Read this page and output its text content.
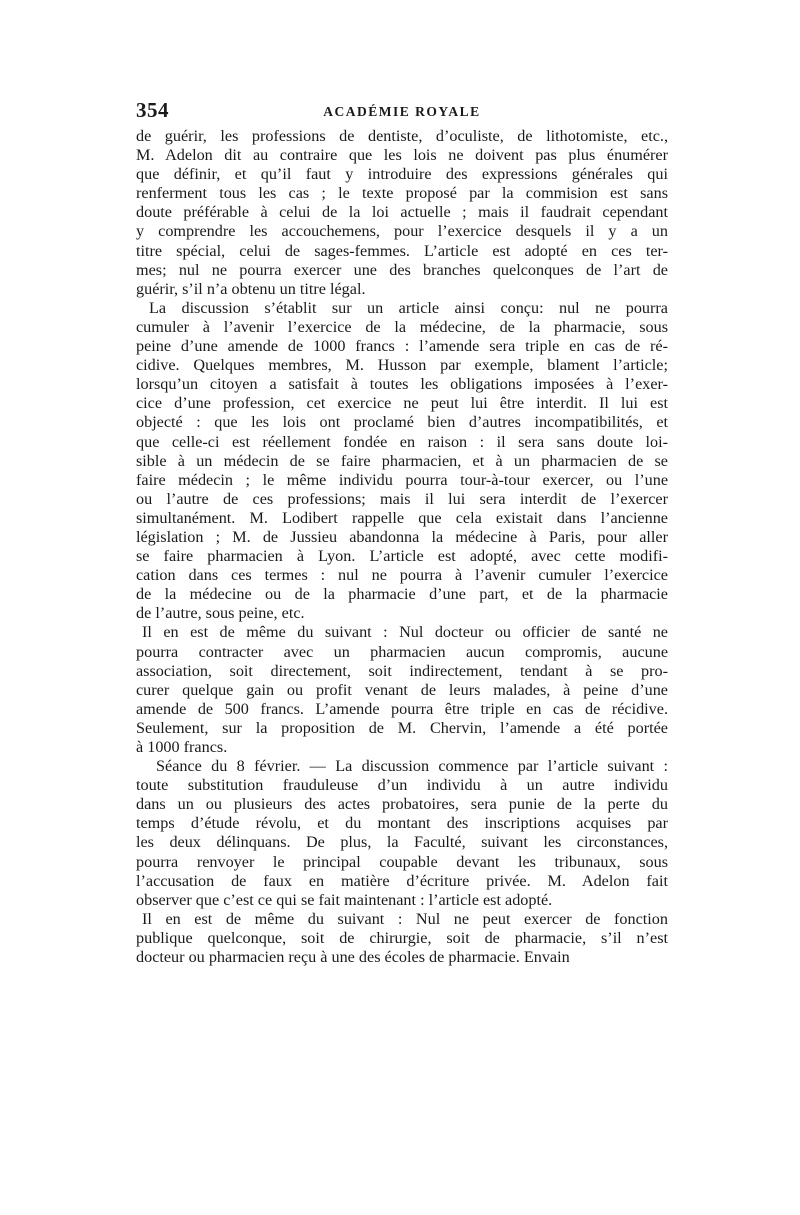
354	ACADÉMIE ROYALE

de guérir, les professions de dentiste, d’oculiste, de lithotomiste, etc.,
M. Adelon dit au contraire que les lois ne doivent pas plus énumérer
que définir, et qu’il faut y introduire des expressions générales qui
renferment tous les cas ; le texte proposé par la commision est sans
doute préférable à celui de la loi actuelle ; mais il faudrait cependant
y comprendre les accouchemens, pour l’exercice desquels il y a un
titre spécial, celui de sages-femmes. L’article est adopté en ces ter-
mes; nul ne pourra exercer une des branches quelconques de l’art de
guérir, s’il n’a obtenu un titre légal.

La discussion s’établit sur un article ainsi conçu: nul ne pourra
cumuler à l’avenir l’exercice de la médecine, de la pharmacie, sous
peine d’une amende de 1000 francs : l’amende sera triple en cas de ré-
cidive. Quelques membres, M. Husson par exemple, blament l’article;
lorsqu’un citoyen a satisfait à toutes les obligations imposées à l’exer-
cice d’une profession, cet exercice ne peut lui être interdit. Il lui est
objecté : que les lois ont proclamé bien d’autres incompatibilités, et
que celle-ci est réellement fondée en raison : il sera sans doute loi-
sible à un médecin de se faire pharmacien, et à un pharmacien de se
faire médecin ; le même individu pourra tour-à-tour exercer, ou l’une
ou l’autre de ces professions; mais il lui sera interdit de l’exercer
simultanément. M. Lodibert rappelle que cela existait dans l’ancienne
législation ; M. de Jussieu abandonna la médecine à Paris, pour aller
se faire pharmacien à Lyon. L’article est adopté, avec cette modifi-
cation dans ces termes : nul ne pourra à l’avenir cumuler l’exercice
de la médecine ou de la pharmacie d’une part, et de la pharmacie
de l’autre, sous peine, etc.

Il en est de même du suivant : Nul docteur ou officier de santé ne
pourra contracter avec un pharmacien aucun compromis, aucune
association, soit directement, soit indirectement, tendant à se pro-
curer quelque gain ou profit venant de leurs malades, à peine d’une
amende de 500 francs. L’amende pourra être triple en cas de récidive.
Seulement, sur la proposition de M. Chervin, l’amende a été portée
à 1000 francs.

Séance du 8 février. — La discussion commence par l’article suivant :
toute substitution frauduleuse d’un individu à un autre individu
dans un ou plusieurs des actes probatoires, sera punie de la perte du
temps d’étude révolu, et du montant des inscriptions acquises par
les deux délinquans. De plus, la Faculté, suivant les circonstances,
pourra renvoyer le principal coupable devant les tribunaux, sous
l’accusation de faux en matière d’écriture privée. M. Adelon fait
observer que c’est ce qui se fait maintenant : l’article est adopté.

Il en est de même du suivant : Nul ne peut exercer de fonction
publique quelconque, soit de chirurgie, soit de pharmacie, s’il n’est
docteur ou pharmacien reçu à une des écoles de pharmacie. Envain
